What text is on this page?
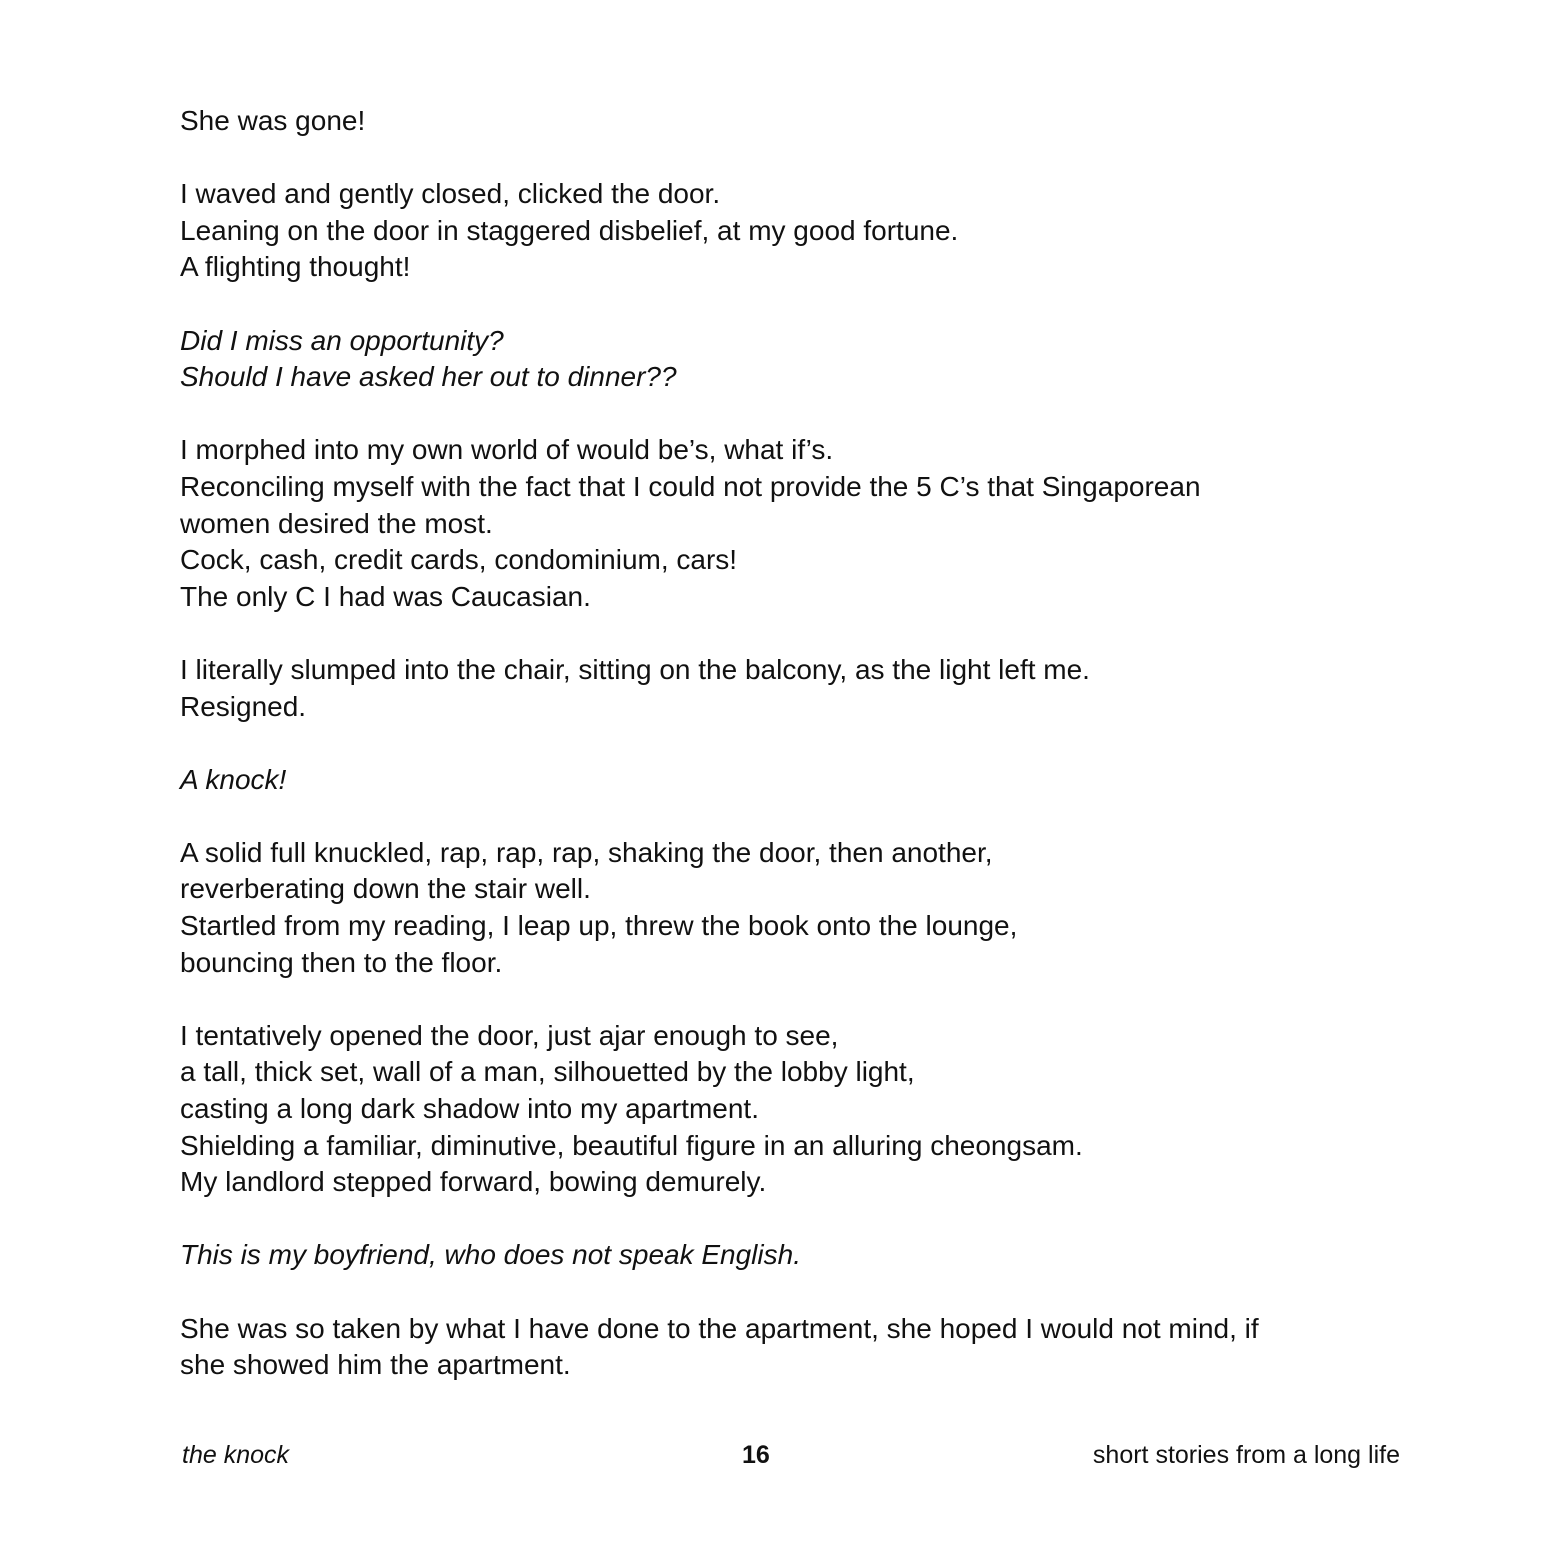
She was gone!

I waved and gently closed, clicked the door.
Leaning on the door in staggered disbelief, at my good fortune.
A flighting thought!

Did I miss an opportunity?
Should I have asked her out to dinner??

I morphed into my own world of would be’s, what if’s.
Reconciling myself with the fact that I could not provide the 5 C’s that Singaporean
women desired the most.
Cock, cash, credit cards, condominium, cars!
The only C I had was Caucasian.

I literally slumped into the chair, sitting on the balcony, as the light left me.
Resigned.

A knock!

A solid full knuckled, rap, rap, rap, shaking the door, then another,
reverberating down the stair well.
Startled from my reading, I leap up, threw the book onto the lounge,
bouncing then to the floor.

I tentatively opened the door, just ajar enough to see,
a tall, thick set, wall of a man, silhouetted by the lobby light,
casting a long dark shadow into my apartment.
Shielding a familiar, diminutive, beautiful figure in an alluring cheongsam.
My landlord stepped forward, bowing demurely.

This is my boyfriend, who does not speak English.

She was so taken by what I have done to the apartment, she hoped I would not mind, if
she showed him the apartment.

the knock	16	short stories from a long life
